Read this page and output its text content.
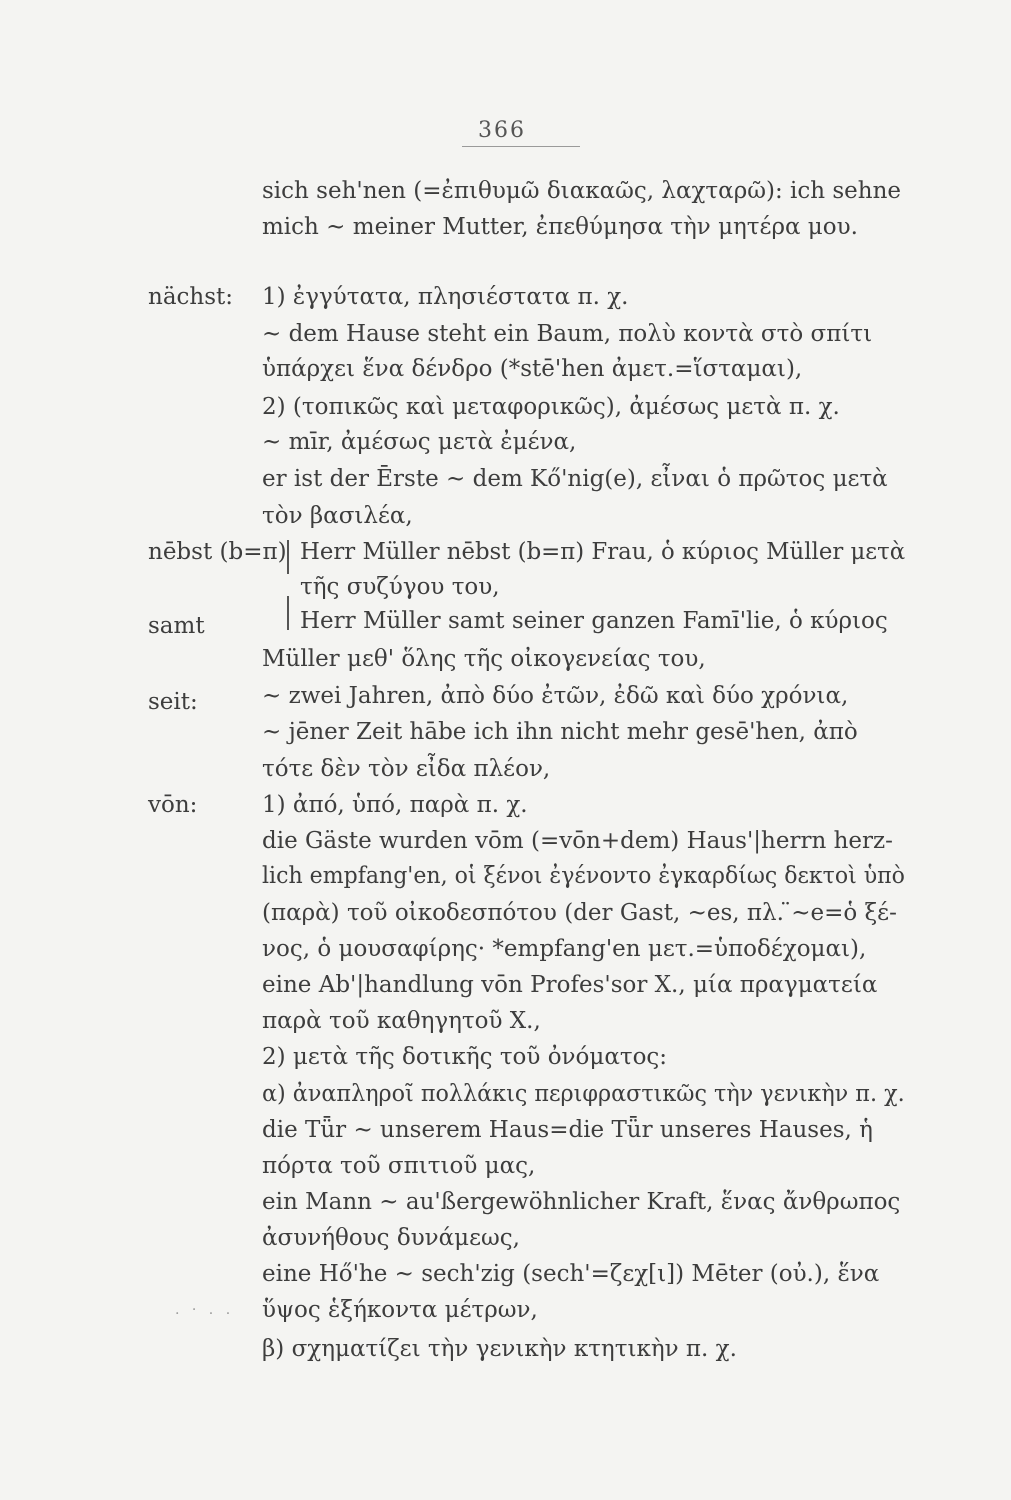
366
nächst:
nēbst (b=π)
samt
seit:
vōn:
sich seh'nen (=ἐπιθυμῶ διακαῶς, λαχταρῶ): ich sehne
mich ~ meiner Mutter, ἐπεθύμησα τὴν μητέρα μου.
1) ἐγγύτατα, πλησιέστατα π. χ.
~ dem Hause steht ein Baum, πολὺ κοντὰ στὸ σπίτι
ὑπάρχει ἕνα δένδρο (*stē'hen ἀμετ.=ἵσταμαι),
2) (τοπικῶς καὶ μεταφορικῶς), ἀμέσως μετὰ π. χ.
~ mīr, ἀμέσως μετὰ ἐμένα,
er ist der Ērste ~ dem Kő'nig(e), εἶναι ὁ πρῶτος μετὰ
τὸν βασιλέα,
Herr Müller nēbst (b=π) Frau, ὁ κύριος Müller μετὰ
τῆς συζύγου του,
Herr Müller samt seiner ganzen Famī'lie, ὁ κύριος
Müller μεθ' ὅλης τῆς οἰκογενείας του,
~ zwei Jahren, ἀπὸ δύο ἐτῶν, ἐδῶ καὶ δύο χρόνια,
~ jēner Zeit hābe ich ihn nicht mehr gesē'hen, ἀπὸ
τότε δὲν τὸν εἶδα πλέον,
1) ἀπό, ὑπό, παρὰ π. χ.
die Gäste wurden vōm (=vōn+dem) Haus'|herrn herz-
lich empfang'en, οἱ ξένοι ἐγένοντο ἐγκαρδίως δεκτοὶ ὑπὸ
(παρὰ) τοῦ οἰκοδεσπότου (der Gast, ~es, πλ. ̈~e=ὁ ξέ-
νος, ὁ μουσαφίρης· *empfang'en μετ.=ὑποδέχομαι),
eine Ab'|handlung vōn Profes'sor X., μία πραγματεία
παρὰ τοῦ καθηγητοῦ X.,
2) μετὰ τῆς δοτικῆς τοῦ ὀνόματος:
α) ἀναπληροῖ πολλάκις περιφραστικῶς τὴν γενικὴν π. χ.
die Tǖr ~ unserem Haus=die Tǖr unseres Hauses, ἡ
πόρτα τοῦ σπιτιοῦ μας,
ein Mann ~ au'ßergewöhnlicher Kraft, ἕνας ἄνθρωπος
ἀσυνήθους δυνάμεως,
eine Hő'he ~ sech'zig (sech'=ζεχ[ι]) Mēter (οὐ.), ἕνα
ὕψος ἑξήκοντα μέτρων,
β) σχηματίζει τὴν γενικὴν κτητικὴν π. χ.
. · . .
